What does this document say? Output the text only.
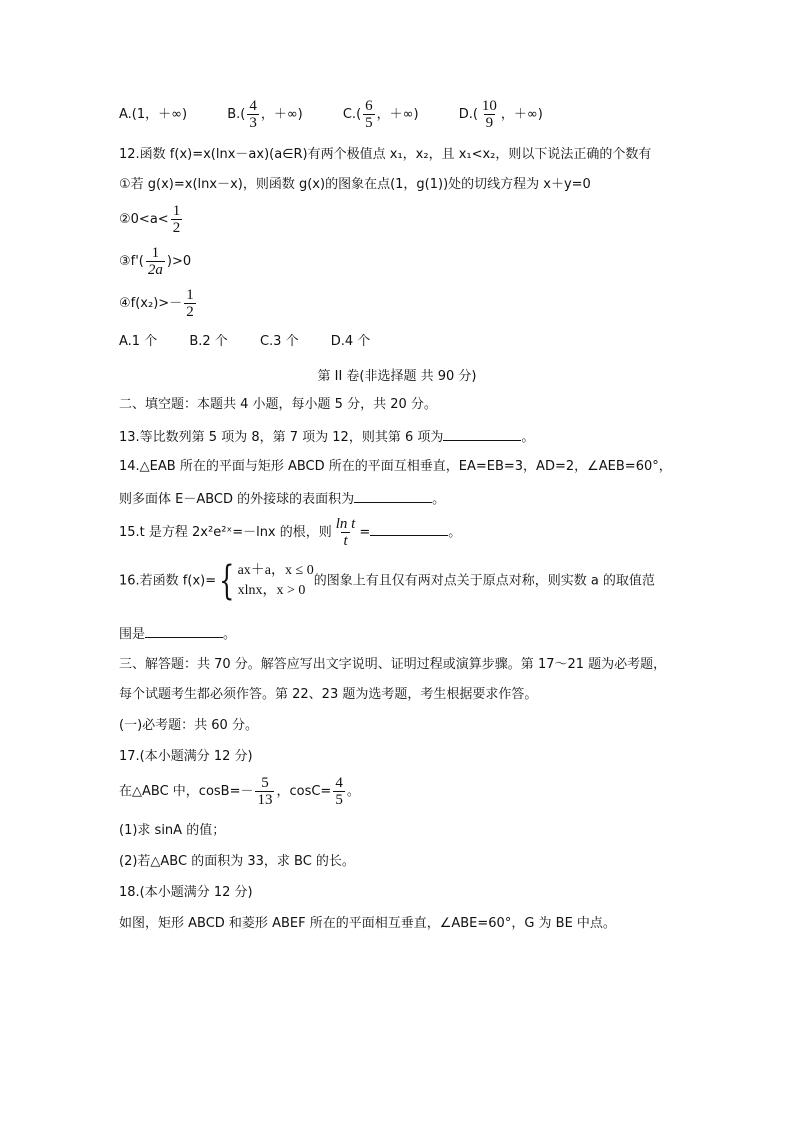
A.(1，＋∞)	$B.( \frac{4}{3}$ ，＋∞)	$C.( \frac{6}{5}$ ，＋∞)	$D.( \frac{10}{9}$ ，＋∞)
12.函数 f(x)=x(lnx－ax)(a∈R)有两个极值点 x₁，x₂，且 x₁<x₂，则以下说法正确的个数有
①若 g(x)=x(lnx－x)，则函数 g(x)的图象在点(1，g(1))处的切线方程为 x＋y=0
②0<a< $\frac{1}{2}$
③f'( $\frac{1}{2a} )>0$
④f(x₂)>－ $\frac{1}{2}$
A.1 个 B.2 个 C.3 个 D.4 个
第 II 卷(非选择题 共 90 分)
二、填空题：本题共 4 小题，每小题 5 分，共 20 分。
13.等比数列第 5 项为 8，第 7 项为 12，则其第 6 项为	。
14.△EAB 所在的平面与矩形 ABCD 所在的平面互相垂直，EA=EB=3，AD=2，∠AEB=60°，
则多面体 E－ABCD 的外接球的表面积为	。
15.t 是方程 2x²e²ˣ=－lnx 的根，则 $\frac{\text{ln t}}{t}$ =	。
16.若函数 f(x)={ ax＋a，x ≤ 0
xlnx，x > 0
的图象上有且仅有两对点关于原点对称，则实数 a 的取值范
围是	。
三、解答题：共 70 分。解答应写出文字说明、证明过程或演算步骤。第 17～21 题为必考题，
每个试题考生都必须作答。第 22、23 题为选考题，考生根据要求作答。
(一)必考题：共 60 分。
17.(本小题满分 12 分)
在△ABC 中，$\cos B=- \frac{5}{13}$ ，$\cos C= \frac{4}{5}$ 。
(1)求 sinA 的值；
(2)若△ABC 的面积为 33，求 BC 的长。
18.(本小题满分 12 分)
如图，矩形 ABCD 和菱形 ABEF 所在的平面相互垂直，∠ABE=60°，G 为 BE 中点。
